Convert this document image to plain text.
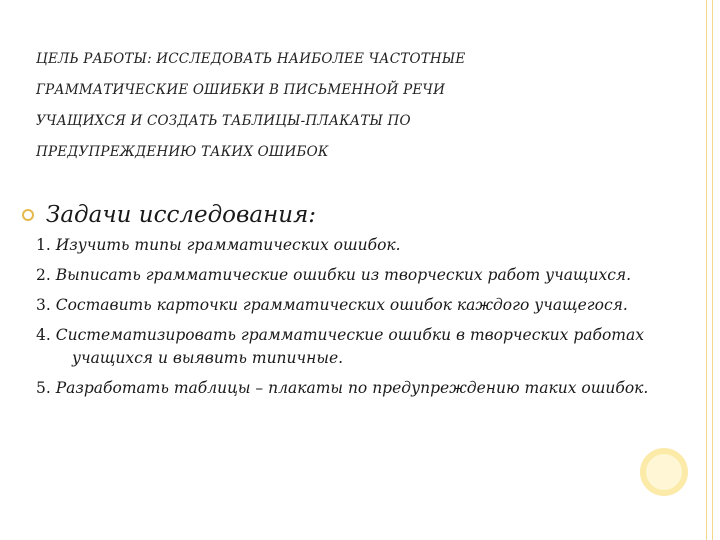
ЦЕЛЬ РАБОТЫ: ИССЛЕДОВАТЬ НАИБОЛЕЕ ЧАСТОТНЫЕ
ГРАММАТИЧЕСКИЕ ОШИБКИ В ПИСЬМЕННОЙ РЕЧИ
УЧАЩИХСЯ И СОЗДАТЬ ТАБЛИЦЫ-ПЛАКАТЫ ПО
ПРЕДУПРЕЖДЕНИЮ ТАКИХ ОШИБОК
Задачи исследования:
1. Изучить типы грамматических ошибок.
2. Выписать грамматические ошибки из творческих работ учащихся.
3. Составить карточки грамматических ошибок каждого учащегося.
4. Систематизировать грамматические ошибки в творческих работах учащихся и выявить типичные.
5. Разработать таблицы – плакаты по предупреждению таких ошибок.
